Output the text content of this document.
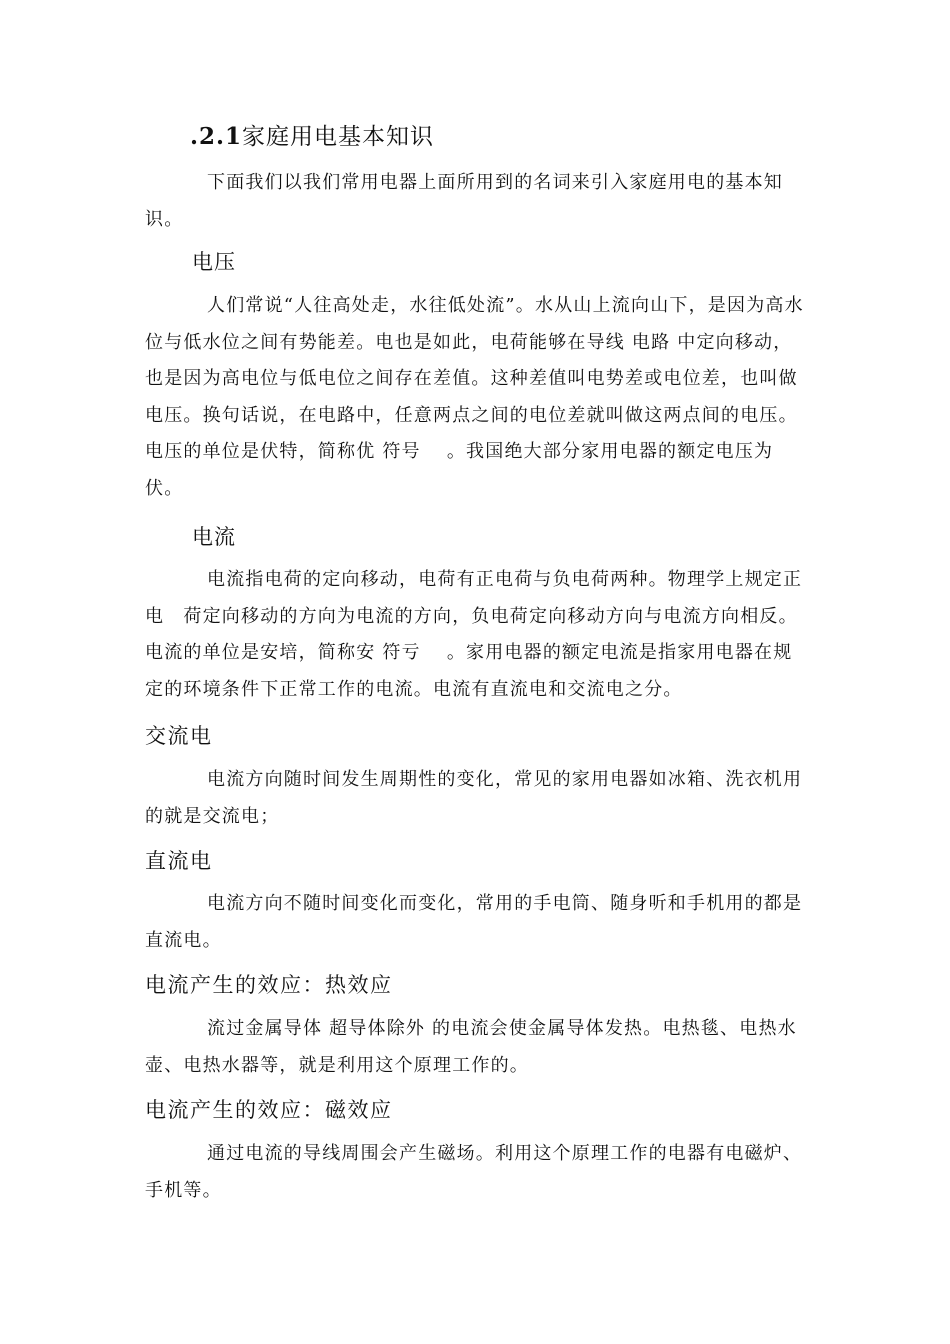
.2.1家庭用电基本知识

下面我们以我们常用电器上面所用到的名词来引入家庭用电的基本知识。

电压

人们常说“人往高处走，水往低处流”。水从山上流向山下，是因为高水位与低水位之间有势能差。电也是如此，电荷能够在导线 电路 中定向移动，也是因为高电位与低电位之间存在差值。这种差值叫电势差或电位差，也叫做电压。换句话说，在电路中，任意两点之间的电位差就叫做这两点间的电压。电压的单位是伏特，简称优 符号 　。我国绝大部分家用电器的额定电压为　　 伏。

电流

电流指电荷的定向移动，电荷有正电荷与负电荷两种。物理学上规定正电　荷定向移动的方向为电流的方向，负电荷定向移动方向与电流方向相反。电流的单位是安培，简称安 符亏 　。家用电器的额定电流是指家用电器在规定的环境条件下正常工作的电流。电流有直流电和交流电之分。

交流电

电流方向随时间发生周期性的变化，常见的家用电器如冰箱、洗衣机用的就是交流电；

直流电

电流方向不随时间变化而变化，常用的手电筒、随身听和手机用的都是直流电。

电流产生的效应：热效应

流过金属导体 超导体除外 的电流会使金属导体发热。电热毯、电热水壶、电热水器等，就是利用这个原理工作的。

电流产生的效应：磁效应

通过电流的导线周围会产生磁场。利用这个原理工作的电器有电磁炉、手机等。
